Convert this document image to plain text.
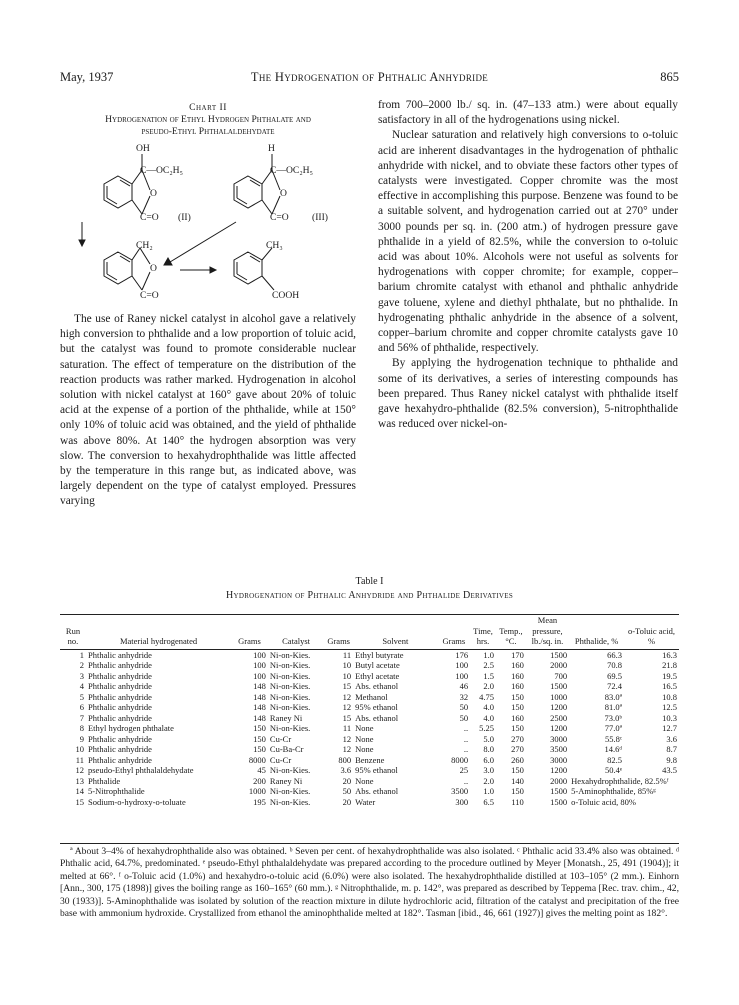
May, 1937	The Hydrogenation of Phthalic Anhydride	865
Chart II
Hydrogenation of Ethyl Hydrogen Phthalate and
pseudo-Ethyl Phthalaldehydate
OH	H
C—OC₂H₅	C—OC₂H₅
O	O
C=O	C=O
(II)	(III)
CH₂
O
C=O
CH₃
COOH

The use of Raney nickel catalyst in alcohol gave a relatively high conversion to phthalide and a low proportion of toluic acid, but the catalyst was found to promote considerable nuclear saturation. The effect of temperature on the distribution of the reaction products was rather marked. Hydrogenation in alcohol solution with nickel catalyst at 160° gave about 20% of toluic acid at the expense of a portion of the phthalide, while at 150° only 10% of toluic acid was obtained, and the yield of phthalide was above 80%. At 140° the hydrogen absorption was very slow. The conversion to hexahydrophthalide was little affected by the temperature in this range but, as indicated above, was largely dependent on the type of catalyst employed. Pressures varying

from 700–2000 lb./ sq. in. (47–133 atm.) were about equally satisfactory in all of the hydrogenations using nickel.

Nuclear saturation and relatively high conversions to o-toluic acid are inherent disadvantages in the hydrogenation of phthalic anhydride with nickel, and to obviate these factors other types of catalysts were investigated. Copper chromite was the most effective in accomplishing this purpose. Benzene was found to be a suitable solvent, and hydrogenation carried out at 270° under 3000 pounds per sq. in. (200 atm.) of hydrogen pressure gave phthalide in a yield of 82.5%, while the conversion to o-toluic acid was about 10%. Alcohols were not useful as solvents for hydrogenations with copper chromite; for example, copper–barium chromite catalyst with ethanol and phthalic anhydride gave toluene, xylene and diethyl phthalate, but no phthalide. In hydrogenating phthalic anhydride in the absence of a solvent, copper–barium chromite and copper chromite catalysts gave 10 and 56% of phthalide, respectively.

By applying the hydrogenation technique to phthalide and some of its derivatives, a series of interesting compounds has been prepared. Thus Raney nickel catalyst with phthalide itself gave hexahydro-phthalide (82.5% conversion), 5-nitrophthalide was reduced over nickel-on-

Table I
Hydrogenation of Phthalic Anhydride and Phthalide Derivatives
Run no.	Material hydrogenated	Grams	Catalyst	Grams	Solvent	Grams	Time, hrs.	Temp., °C.	Mean pressure, lb./sq. in.	Phthalide, %	o-Toluic acid, %
1	Phthalic anhydride	100	Ni-on-Kies.	11	Ethyl butyrate	176	1.0	170	1500	66.3	16.3
2	Phthalic anhydride	100	Ni-on-Kies.	10	Butyl acetate	100	2.5	160	2000	70.8	21.8
3	Phthalic anhydride	100	Ni-on-Kies.	10	Ethyl acetate	100	1.5	160	700	69.5	19.5
4	Phthalic anhydride	148	Ni-on-Kies.	15	Abs. ethanol	46	2.0	160	1500	72.4	16.5
5	Phthalic anhydride	148	Ni-on-Kies.	12	Methanol	32	4.75	150	1000	83.0ª	10.8
6	Phthalic anhydride	148	Ni-on-Kies.	12	95% ethanol	50	4.0	150	1200	81.0ª	12.5
7	Phthalic anhydride	148	Raney Ni	15	Abs. ethanol	50	4.0	160	2500	73.0ᵇ	10.3
8	Ethyl hydrogen phthalate	150	Ni-on-Kies.	11	None	..	5.25	150	1200	77.0ª	12.7
9	Phthalic anhydride	150	Cu-Cr	12	None	..	5.0	270	3000	55.8ᶜ	3.6
10	Phthalic anhydride	150	Cu-Ba-Cr	12	None	..	8.0	270	3500	14.6ᵈ	8.7
11	Phthalic anhydride	8000	Cu-Cr	800	Benzene	8000	6.0	260	3000	82.5	9.8
12	pseudo-Ethyl phthalaldehydate	45	Ni-on-Kies.	3.6	95% ethanol	25	3.0	150	1200	50.4ᵉ	43.5
13	Phthalide	200	Raney Ni	20	None	..	2.0	140	2000	Hexahydrophthalide, 82.5%ᶠ	
14	5-Nitrophthalide	1000	Ni-on-Kies.	50	Abs. ethanol	3500	1.0	150	1500	5-Aminophthalide, 85%ᵍ	
15	Sodium-o-hydroxy-o-toluate	195	Ni-on-Kies.	20	Water	300	6.5	110	1500	o-Toluic acid, 80%	

ª About 3–4% of hexahydrophthalide also was obtained. ᵇ Seven per cent. of hexahydrophthalide was also isolated. ᶜ Phthalic acid 33.4% also was obtained. ᵈ Phthalic acid, 64.7%, predominated. ᵉ pseudo-Ethyl phthalaldehydate was prepared according to the procedure outlined by Meyer [Monatsh., 25, 491 (1904)]; it melted at 66°. ᶠ o-Toluic acid (1.0%) and hexahydro-o-toluic acid (6.0%) were also isolated. The hexahydrophthalide distilled at 103–105° (2 mm.). Einhorn [Ann., 300, 175 (1898)] gives the boiling range as 160–165° (60 mm.). ᵍ Nitrophthalide, m. p. 142°, was prepared as described by Teppema [Rec. trav. chim., 42, 30 (1933)]. 5-Aminophthalide was isolated by solution of the reaction mixture in dilute hydrochloric acid, filtration of the catalyst and precipitation of the free base with ammonium hydroxide. Crystallized from ethanol the aminophthalide melted at 182°. Tasman [ibid., 46, 661 (1927)] gives the melting point as 182°.
